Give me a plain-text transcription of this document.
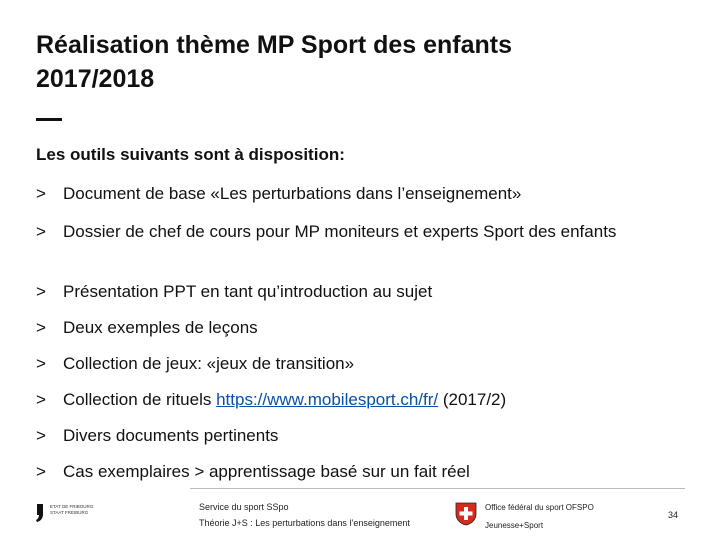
Réalisation thème MP Sport des enfants
2017/2018
Les outils suivants sont à disposition:
> Document de base «Les perturbations dans l’enseignement»
> Dossier de chef de cours pour MP moniteurs et experts Sport des enfants
> Présentation PPT en tant qu’introduction au sujet
> Deux exemples de leçons
> Collection de jeux: «jeux de transition»
> Collection de rituels https://www.mobilesport.ch/fr/ (2017/2)
> Divers documents pertinents
> Cas exemplaires > apprentissage basé sur un fait réel
ETAT DE FRIBOURG
STAAT FREIBURG
Service du sport SSpo
Théorie J+S : Les perturbations dans l’enseignement
Office fédéral du sport OFSPO
Jeunesse+Sport
34
